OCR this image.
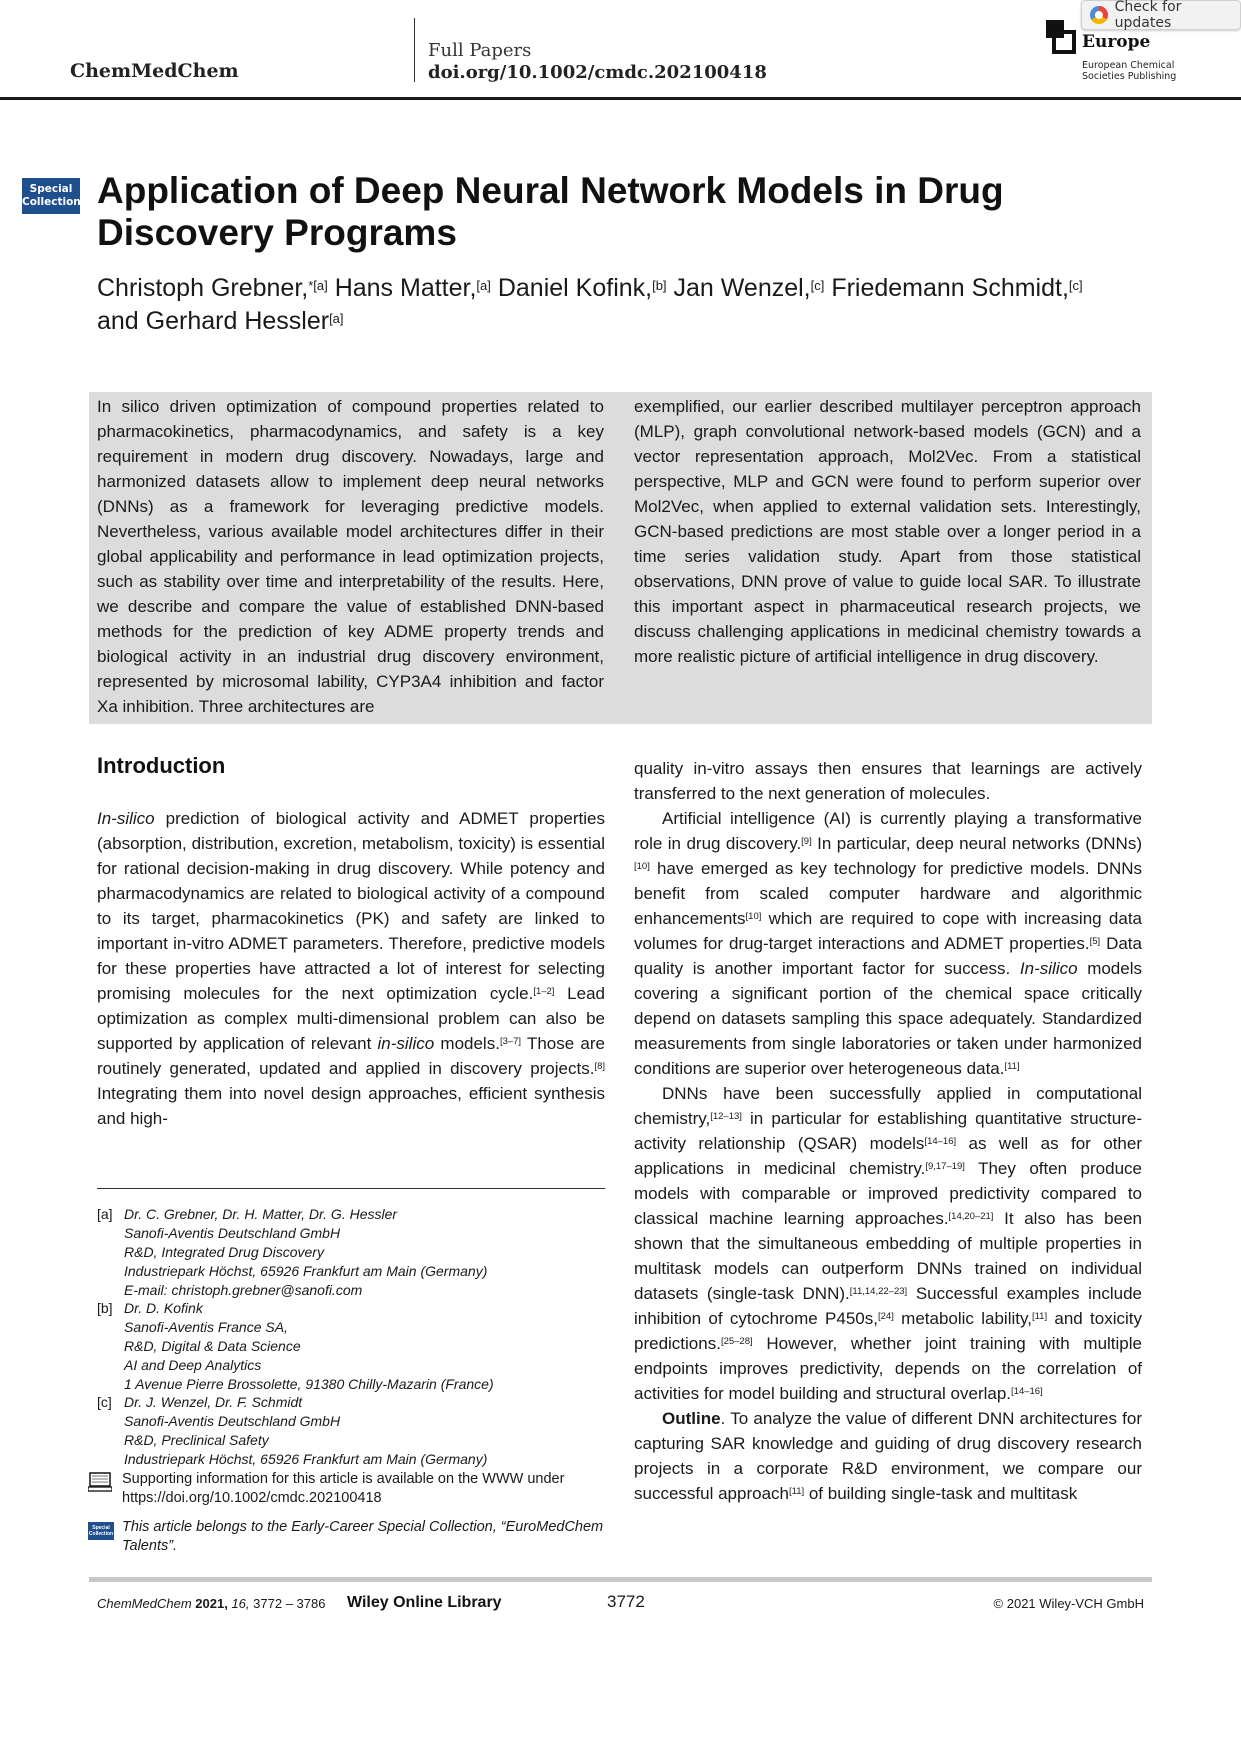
ChemMedChem
Full Papers
doi.org/10.1002/cmdc.202100418
Europe
European Chemical
Societies Publishing
Check for updates
Special
Collection Application of Deep Neural Network Models in Drug Discovery Programs
Christoph Grebner,$^{*[a]}$ Hans Matter,[a] Daniel Kofink,[b] Jan Wenzel,[c] Friedemann Schmidt,[c]
and Gerhard Hessler[a]

In silico driven optimization of compound properties related to pharmacokinetics, pharmacodynamics, and safety is a key requirement in modern drug discovery. Nowadays, large and harmonized datasets allow to implement deep neural networks (DNNs) as a framework for leveraging predictive models. Nevertheless, various available model architectures differ in their global applicability and performance in lead optimization projects, such as stability over time and interpretability of the results. Here, we describe and compare the value of established DNN-based methods for the prediction of key ADME property trends and biological activity in an industrial drug discovery environment, represented by microsomal lability, CYP3A4 inhibition and factor Xa inhibition. Three architectures are

exemplified, our earlier described multilayer perceptron approach (MLP), graph convolutional network-based models (GCN) and a vector representation approach, Mol2Vec. From a statistical perspective, MLP and GCN were found to perform superior over Mol2Vec, when applied to external validation sets. Interestingly, GCN-based predictions are most stable over a longer period in a time series validation study. Apart from those statistical observations, DNN prove of value to guide local SAR. To illustrate this important aspect in pharmaceutical research projects, we discuss challenging applications in medicinal chemistry towards a more realistic picture of artificial intelligence in drug discovery.

Introduction

In-silico prediction of biological activity and ADMET properties (absorption, distribution, excretion, metabolism, toxicity) is essential for rational decision-making in drug discovery. While potency and pharmacodynamics are related to biological activity of a compound to its target, pharmacokinetics (PK) and safety are linked to important in-vitro ADMET parameters. Therefore, predictive models for these properties have attracted a lot of interest for selecting promising molecules for the next optimization cycle.[1–2] Lead optimization as complex multi-dimensional problem can also be supported by application of relevant in-silico models.[3–7] Those are routinely generated, updated and applied in discovery projects.[8] Integrating them into novel design approaches, efficient synthesis and high-

quality in-vitro assays then ensures that learnings are actively transferred to the next generation of molecules.

Artificial intelligence (AI) is currently playing a transformative role in drug discovery.[9] In particular, deep neural networks (DNNs)[10] have emerged as key technology for predictive models. DNNs benefit from scaled computer hardware and algorithmic enhancements[10] which are required to cope with increasing data volumes for drug-target interactions and ADMET properties.[5] Data quality is another important factor for success. In-silico models covering a significant portion of the chemical space critically depend on datasets sampling this space adequately. Standardized measurements from single laboratories or taken under harmonized conditions are superior over heterogeneous data.[11]

DNNs have been successfully applied in computational chemistry,[12–13] in particular for establishing quantitative structure-activity relationship (QSAR) models[14–16] as well as for other applications in medicinal chemistry.[9,17–19] They often produce models with comparable or improved predictivity compared to classical machine learning approaches.[14,20–21] It also has been shown that the simultaneous embedding of multiple properties in multitask models can outperform DNNs trained on individual datasets (single-task DNN).[11,14,22–23] Successful examples include inhibition of cytochrome P450s,[24] metabolic lability,[11] and toxicity predictions.[25–28] However, whether joint training with multiple endpoints improves predictivity, depends on the correlation of activities for model building and structural overlap.[14–16]

Outline. To analyze the value of different DNN architectures for capturing SAR knowledge and guiding of drug discovery research projects in a corporate R&D environment, we compare our successful approach[11] of building single-task and multitask

[a] Dr. C. Grebner, Dr. H. Matter, Dr. G. Hessler
Sanofi-Aventis Deutschland GmbH
R&D, Integrated Drug Discovery
Industriepark Höchst, 65926 Frankfurt am Main (Germany)
E-mail: christoph.grebner@sanofi.com
[b] Dr. D. Kofink
Sanofi-Aventis France SA,
R&D, Digital & Data Science
AI and Deep Analytics
1 Avenue Pierre Brossolette, 91380 Chilly-Mazarin (France)
[c] Dr. J. Wenzel, Dr. F. Schmidt
Sanofi-Aventis Deutschland GmbH
R&D, Preclinical Safety
Industriepark Höchst, 65926 Frankfurt am Main (Germany)
Supporting information for this article is available on the WWW under https://doi.org/10.1002/cmdc.202100418
Special
Collection This article belongs to the Early-Career Special Collection, “EuroMedChem Talents”.
ChemMedChem 2021, 16, 3772 – 3786 Wiley Online Library	3772	© 2021 Wiley-VCH GmbH
